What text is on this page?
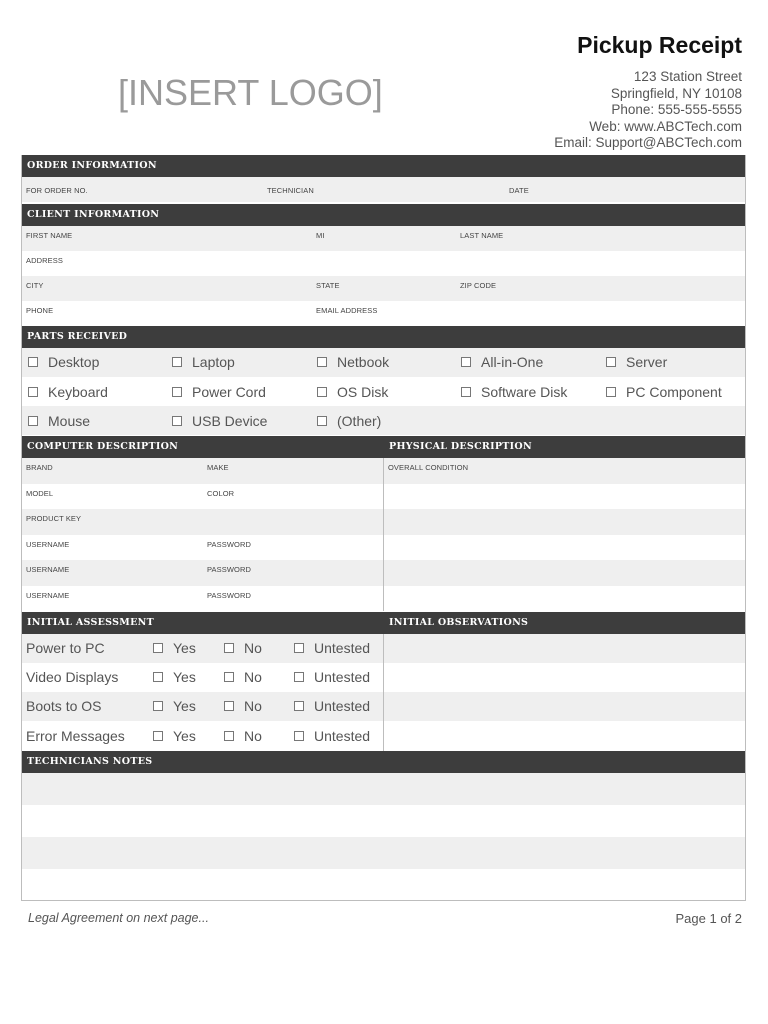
[INSERT LOGO]
Pickup Receipt
123 Station Street
Springfield, NY 10108
Phone: 555-555-5555
Web: www.ABCTech.com
Email: Support@ABCTech.com
ORDER INFORMATION
FOR ORDER NO.	TECHNICIAN	DATE
CLIENT INFORMATION
FIRST NAME	MI	LAST NAME
ADDRESS
CITY	STATE	ZIP CODE
PHONE	EMAIL ADDRESS
PARTS RECEIVED
Desktop	Laptop	Netbook	All-in-One	Server
Keyboard	Power Cord	OS Disk	Software Disk	PC Component
Mouse	USB Device	(Other)
COMPUTER DESCRIPTION	PHYSICAL DESCRIPTION
BRAND	MAKE	OVERALL CONDITION
MODEL	COLOR
PRODUCT KEY
USERNAME	PASSWORD
USERNAME	PASSWORD
USERNAME	PASSWORD
INITIAL ASSESSMENT	INITIAL OBSERVATIONS
Power to PC	Yes	No	Untested
Video Displays	Yes	No	Untested
Boots to OS	Yes	No	Untested
Error Messages	Yes	No	Untested
TECHNICIANS NOTES
Legal Agreement on next page...	Page 1 of 2
